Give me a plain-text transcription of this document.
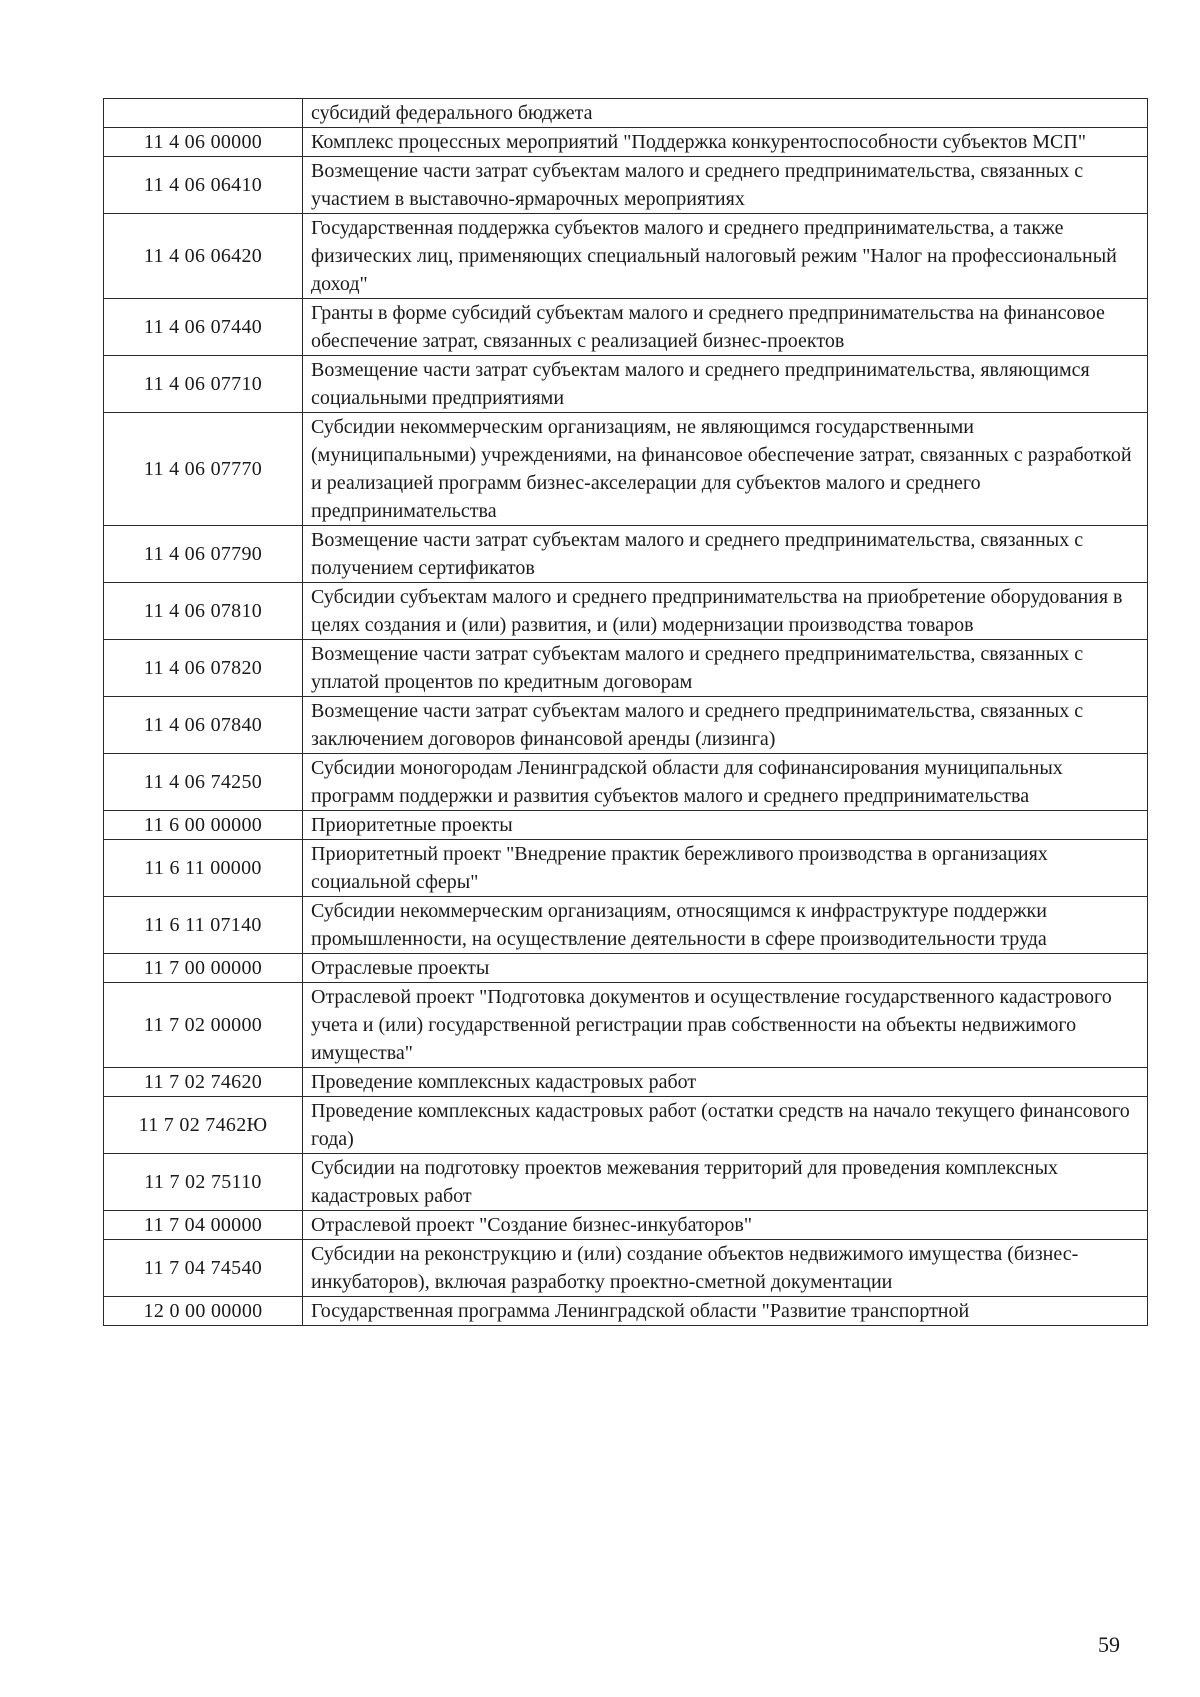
	субсидий федерального бюджета
11 4 06 00000	Комплекс процессных мероприятий "Поддержка конкурентоспособности субъектов МСП"
11 4 06 06410	Возмещение части затрат субъектам малого и среднего предпринимательства, связанных с участием в выставочно-ярмарочных мероприятиях
11 4 06 06420	Государственная поддержка субъектов малого и среднего предпринимательства, а также физических лиц, применяющих специальный налоговый режим "Налог на профессиональный доход"
11 4 06 07440	Гранты в форме субсидий субъектам малого и среднего предпринимательства на финансовое обеспечение затрат, связанных с реализацией бизнес-проектов
11 4 06 07710	Возмещение части затрат субъектам малого и среднего предпринимательства, являющимся социальными предприятиями
11 4 06 07770	Субсидии некоммерческим организациям, не являющимся государственными (муниципальными) учреждениями, на финансовое обеспечение затрат, связанных с разработкой и реализацией программ бизнес-акселерации для субъектов малого и среднего предпринимательства
11 4 06 07790	Возмещение части затрат субъектам малого и среднего предпринимательства, связанных с получением сертификатов
11 4 06 07810	Субсидии субъектам малого и среднего предпринимательства на приобретение оборудования в целях создания и (или) развития, и (или) модернизации производства товаров
11 4 06 07820	Возмещение части затрат субъектам малого и среднего предпринимательства, связанных с уплатой процентов по кредитным договорам
11 4 06 07840	Возмещение части затрат субъектам малого и среднего предпринимательства, связанных с заключением договоров финансовой аренды (лизинга)
11 4 06 74250	Субсидии моногородам Ленинградской области для софинансирования муниципальных программ поддержки и развития субъектов малого и среднего предпринимательства
11 6 00 00000	Приоритетные проекты
11 6 11 00000	Приоритетный проект "Внедрение практик бережливого производства в организациях социальной сферы"
11 6 11 07140	Субсидии некоммерческим организациям, относящимся к инфраструктуре поддержки промышленности, на осуществление деятельности в сфере производительности труда
11 7 00 00000	Отраслевые проекты
11 7 02 00000	Отраслевой проект "Подготовка документов и осуществление государственного кадастрового учета и (или) государственной регистрации прав собственности на объекты недвижимого имущества"
11 7 02 74620	Проведение комплексных кадастровых работ
11 7 02 7462Ю	Проведение комплексных кадастровых работ (остатки средств на начало текущего финансового года)
11 7 02 75110	Субсидии на подготовку проектов межевания территорий для проведения комплексных кадастровых работ
11 7 04 00000	Отраслевой проект "Создание бизнес-инкубаторов"
11 7 04 74540	Субсидии на реконструкцию и (или) создание объектов недвижимого имущества (бизнес-инкубаторов), включая разработку проектно-сметной документации
12 0 00 00000	Государственная программа Ленинградской области "Развитие транспортной
59
